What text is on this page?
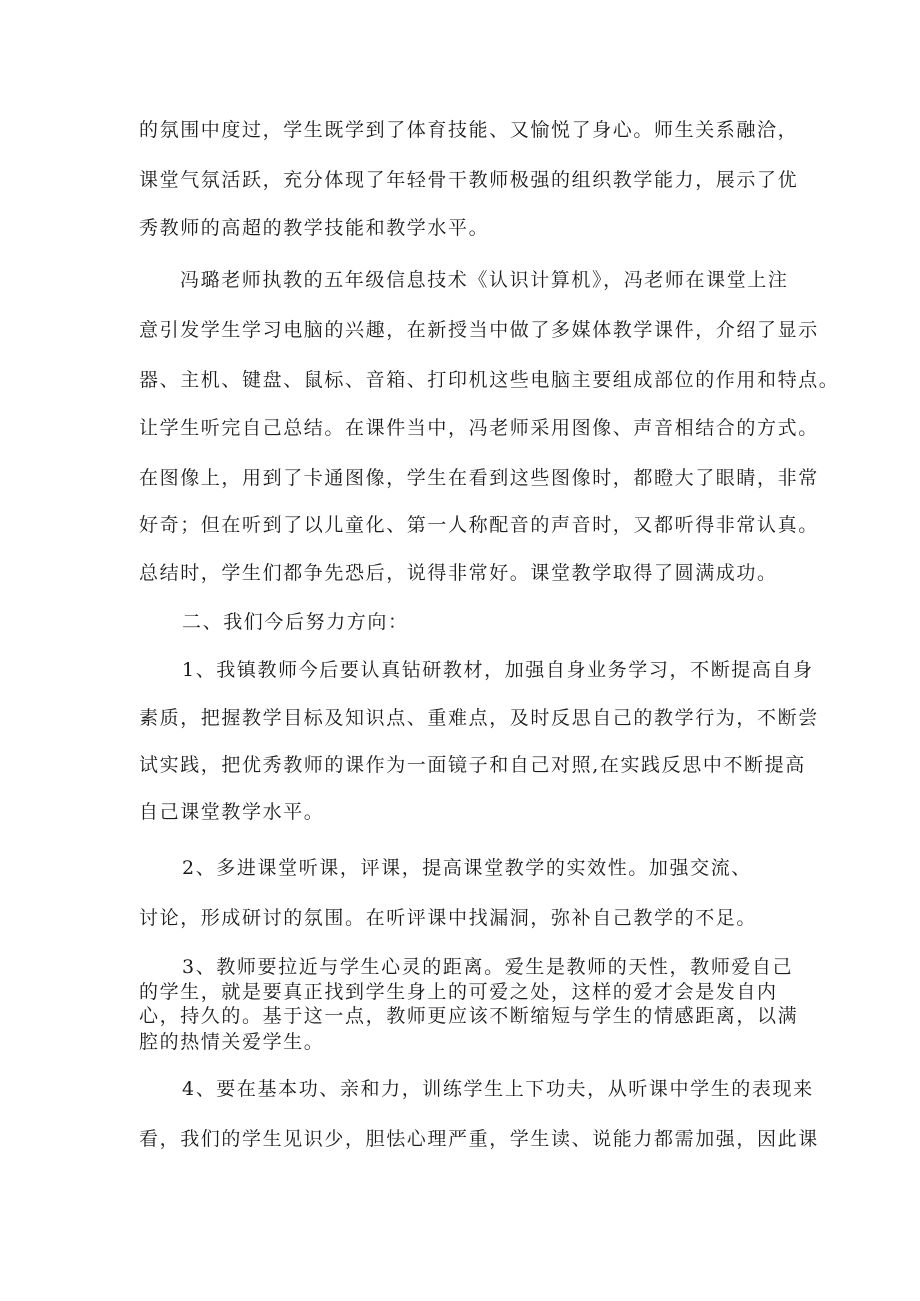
的氛围中度过，学生既学到了体育技能、又愉悦了身心。师生关系融洽，
课堂气氛活跃，充分体现了年轻骨干教师极强的组织教学能力，展示了优
秀教师的高超的教学技能和教学水平。
冯璐老师执教的五年级信息技术《认识计算机》，冯老师在课堂上注
意引发学生学习电脑的兴趣，在新授当中做了多媒体教学课件，介绍了显示
器、主机、键盘、鼠标、音箱、打印机这些电脑主要组成部位的作用和特点。
让学生听完自己总结。在课件当中，冯老师采用图像、声音相结合的方式。
在图像上，用到了卡通图像，学生在看到这些图像时，都瞪大了眼睛，非常
好奇；但在听到了以儿童化、第一人称配音的声音时，又都听得非常认真。
总结时，学生们都争先恐后，说得非常好。课堂教学取得了圆满成功。
二、我们今后努力方向：
1、我镇教师今后要认真钻研教材，加强自身业务学习，不断提高自身
素质，把握教学目标及知识点、重难点，及时反思自己的教学行为，不断尝
试实践，把优秀教师的课作为一面镜子和自己对照,在实践反思中不断提高
自己课堂教学水平。
2、多进课堂听课，评课，提高课堂教学的实效性。加强交流、
讨论，形成研讨的氛围。在听评课中找漏洞，弥补自己教学的不足。
3、教师要拉近与学生心灵的距离。爱生是教师的天性，教师爱自己
的学生，就是要真正找到学生身上的可爱之处，这样的爱才会是发自内
心，持久的。基于这一点，教师更应该不断缩短与学生的情感距离，以满
腔的热情关爱学生。
4、要在基本功、亲和力，训练学生上下功夫，从听课中学生的表现来
看，我们的学生见识少，胆怯心理严重，学生读、说能力都需加强，因此课
